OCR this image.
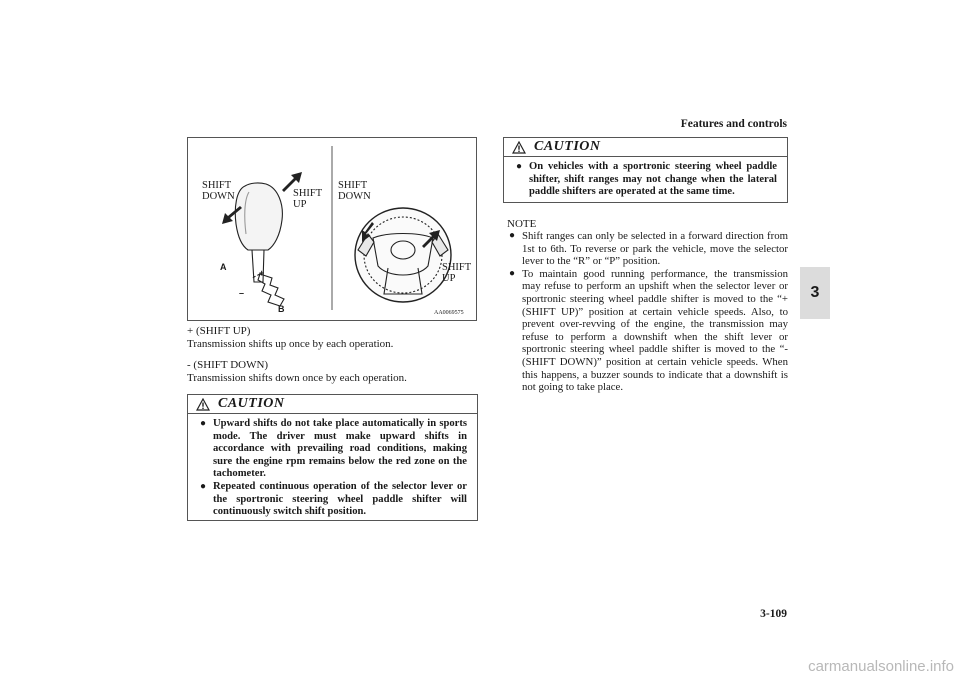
Features and controls
3
SHIFT
DOWN	SHIFT
UP
SHIFT
DOWN
SHIFT
UP
A
B
+
–
AA0069575
+ (SHIFT UP)
Transmission shifts up once by each operation.
- (SHIFT DOWN)
Transmission shifts down once by each operation.
CAUTION
● Upward shifts do not take place automatically in sports mode. The driver must make upward shifts in accordance with prevailing road conditions, making sure the engine rpm remains below the red zone on the tachometer.
● Repeated continuous operation of the selector lever or the sportronic steering wheel paddle shifter will continuously switch shift position.
CAUTION
● On vehicles with a sportronic steering wheel paddle shifter, shift ranges may not change when the lateral paddle shifters are operated at the same time.
NOTE
● Shift ranges can only be selected in a forward direction from 1st to 6th. To reverse or park the vehicle, move the selector lever to the “R” or “P” position.
● To maintain good running performance, the transmission may refuse to perform an upshift when the selector lever or sportronic steering wheel paddle shifter is moved to the “+ (SHIFT UP)” position at certain vehicle speeds. Also, to prevent over-revving of the engine, the transmission may refuse to perform a downshift when the shift lever or sportronic steering wheel paddle shifter is moved to the “- (SHIFT DOWN)” position at certain vehicle speeds. When this happens, a buzzer sounds to indicate that a downshift is not going to take place.
3-109
carmanualsonline.info
